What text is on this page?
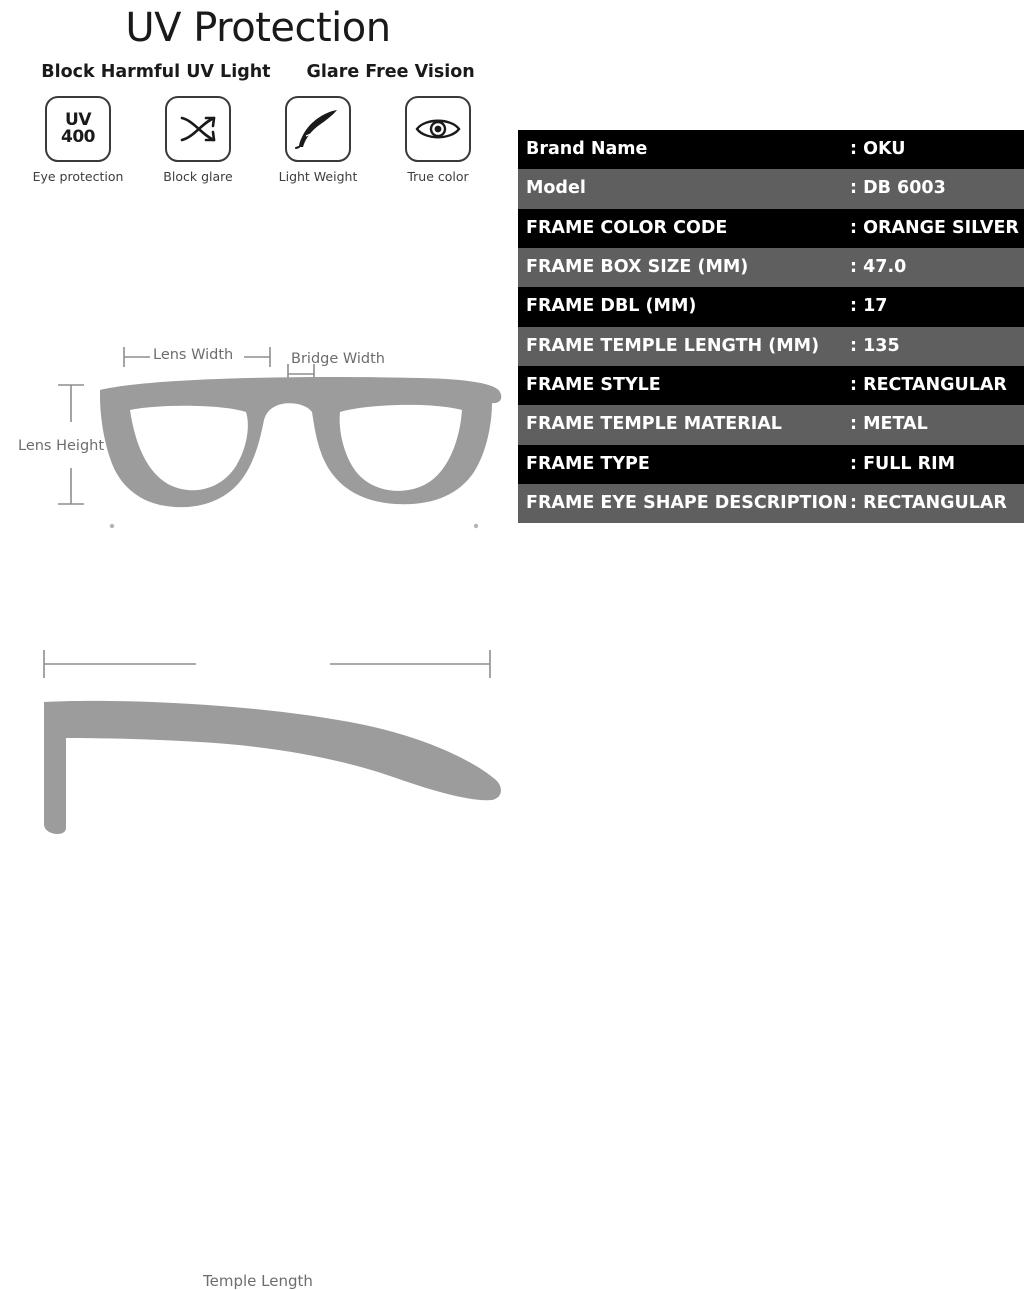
UV Protection
Block Harmful UV Light Glare Free Vision
UV
400
Eye protection	Block glare	Light Weight	True color
Lens Width	Bridge Width
Lens Height
Temple Length
Brand Name	: OKU
Model	: DB 6003
FRAME COLOR CODE	: ORANGE SILVER
FRAME BOX SIZE (MM)	: 47.0
FRAME DBL (MM)	: 17
FRAME TEMPLE LENGTH (MM)	: 135
FRAME STYLE	: RECTANGULAR
FRAME TEMPLE MATERIAL	: METAL
FRAME TYPE	: FULL RIM
FRAME EYE SHAPE DESCRIPTION	: RECTANGULAR
